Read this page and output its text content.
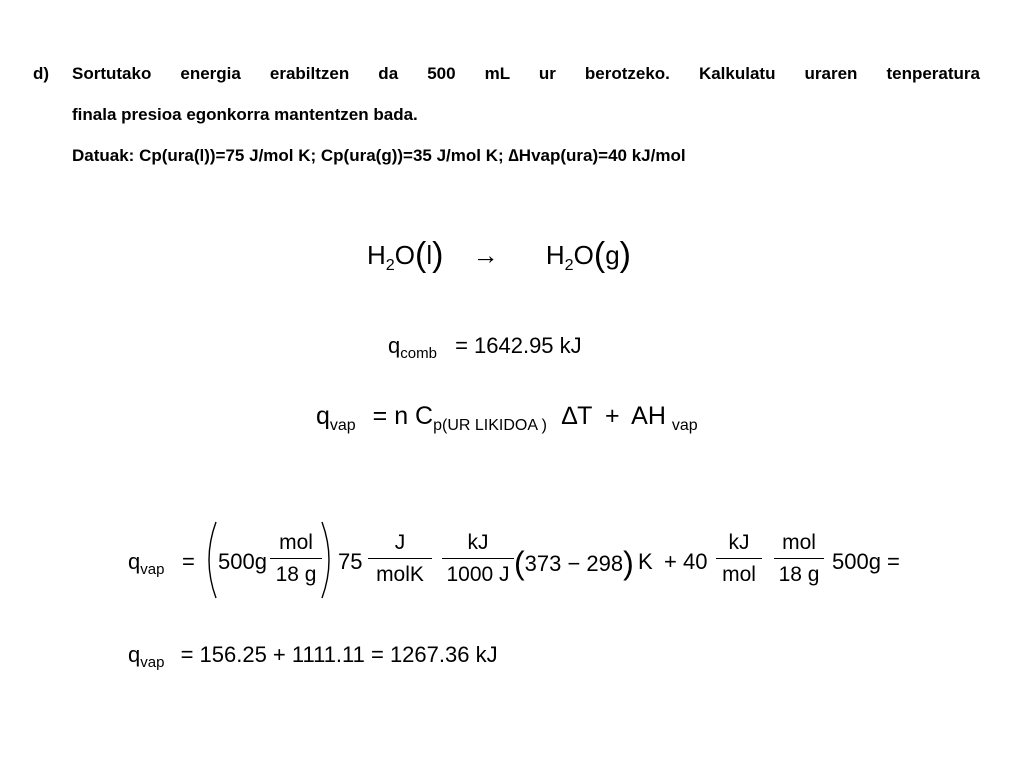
d) Sortutako energia erabiltzen da 500 mL ur berotzeko. Kalkulatu uraren tenperatura
finala presioa egonkorra mantentzen bada.
Datuak: Cp(ura(l))=75 J/mol K; Cp(ura(g))=35 J/mol K; ∆Hvap(ura)=40 kJ/mol
$H_2O(l) \to H_2O(g)$
$q_{comb} = 1642.95$ kJ
$q_{vap} = n$ $C_{p(UR LIKIDOA )}$ ∆T + AH $_{vap}$
$q_{vap} = 500g$
mol
18 g
75
J
molK
kJ
1000 J (373 − 298) K + 40
kJ
mol
mol
18 g
500g =
$q_{vap} = 156.25 + 1111.11 = 1267.36$ kJ
